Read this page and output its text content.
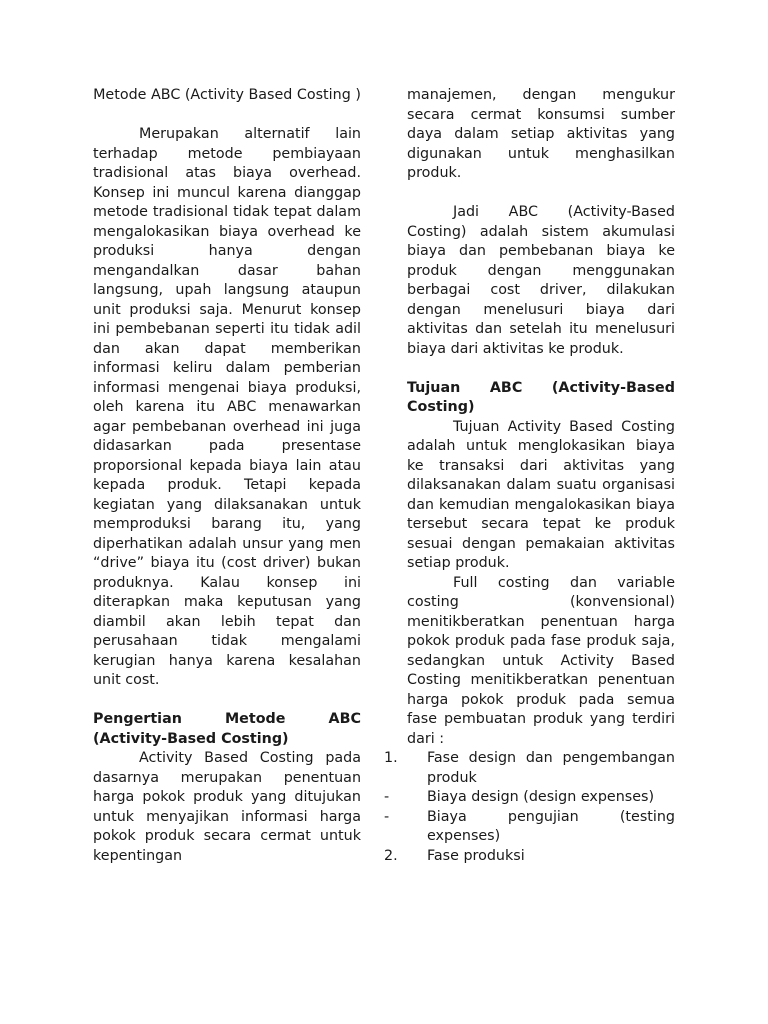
Metode ABC (Activity Based Costing )

Merupakan alternatif lain terhadap metode pembiayaan tradisional atas biaya overhead. Konsep ini muncul karena dianggap metode tradisional tidak tepat dalam mengalokasikan biaya overhead ke produksi hanya dengan mengandalkan dasar bahan langsung, upah langsung ataupun unit produksi saja. Menurut konsep ini pembebanan seperti itu tidak adil dan akan dapat memberikan informasi keliru dalam pemberian informasi mengenai biaya produksi, oleh karena itu ABC menawarkan agar pembebanan overhead ini juga didasarkan pada presentase proporsional kepada biaya lain atau kepada produk. Tetapi kepada kegiatan yang dilaksanakan untuk memproduksi barang itu, yang diperhatikan adalah unsur yang men “drive” biaya itu (cost driver) bukan produknya. Kalau konsep ini diterapkan maka keputusan yang diambil akan lebih tepat dan perusahaan tidak mengalami kerugian hanya karena kesalahan unit cost.

Pengertian Metode ABC (Activity-Based Costing)

Activity Based Costing pada dasarnya merupakan penentuan harga pokok produk yang ditujukan untuk menyajikan informasi harga pokok produk secara cermat untuk kepentingan

manajemen, dengan mengukur secara cermat konsumsi sumber daya dalam setiap aktivitas yang digunakan untuk menghasilkan produk.

Jadi ABC (Activity-Based Costing) adalah sistem akumulasi biaya dan pembebanan biaya ke produk dengan menggunakan berbagai cost driver, dilakukan dengan menelusuri biaya dari aktivitas dan setelah itu menelusuri biaya dari aktivitas ke produk.

Tujuan ABC (Activity-Based Costing)

Tujuan Activity Based Costing adalah untuk menglokasikan biaya ke transaksi dari aktivitas yang dilaksanakan dalam suatu organisasi dan kemudian mengalokasikan biaya tersebut secara tepat ke produk sesuai dengan pemakaian aktivitas setiap produk.

Full costing dan variable costing (konvensional) menitikberatkan penentuan harga pokok produk pada fase produk saja, sedangkan untuk Activity Based Costing menitikberatkan penentuan harga pokok produk pada semua fase pembuatan produk yang terdiri dari :

1.	Fase design dan pengembangan produk
-	Biaya design (design expenses)
-	Biaya pengujian (testing expenses)
2.	Fase produksi
